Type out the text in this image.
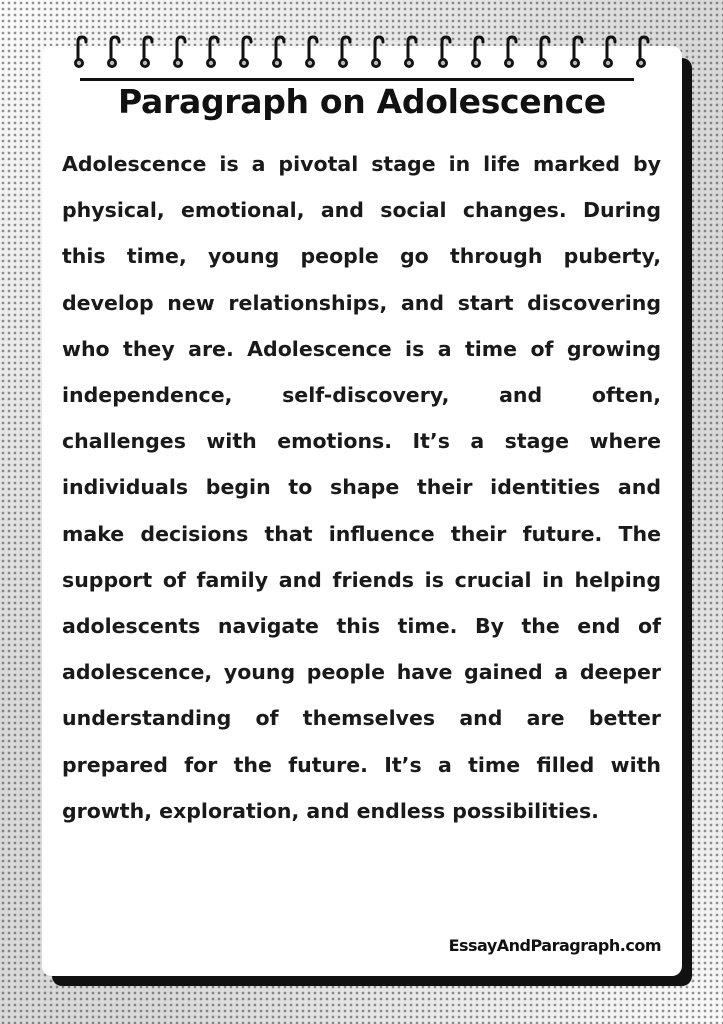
Paragraph on Adolescence

Adolescence is a pivotal stage in life marked by physical, emotional, and social changes. During this time, young people go through puberty, develop new relationships, and start discovering who they are. Adolescence is a time of growing independence, self-discovery, and often, challenges with emotions. It’s a stage where individuals begin to shape their identities and make decisions that influence their future. The support of family and friends is crucial in helping adolescents navigate this time. By the end of adolescence, young people have gained a deeper understanding of themselves and are better prepared for the future. It’s a time filled with growth, exploration, and endless possibilities.

EssayAndParagraph.com
